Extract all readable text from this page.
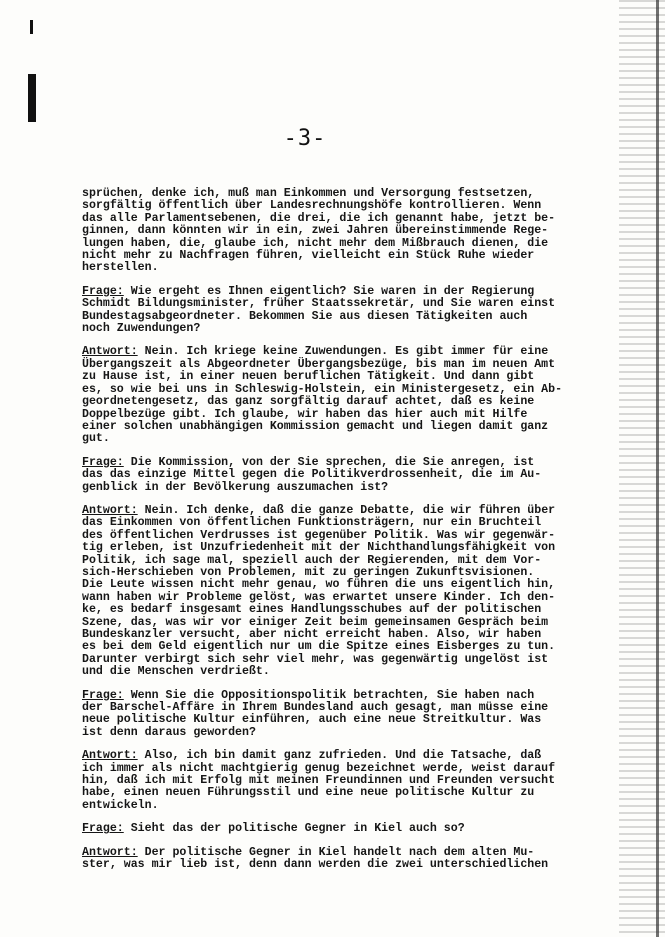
-3-
sprüchen, denke ich, muß man Einkommen und Versorgung festsetzen,
sorgfältig öffentlich über Landesrechnungshöfe kontrollieren. Wenn
das alle Parlamentsebenen, die drei, die ich genannt habe, jetzt be-
ginnen, dann könnten wir in ein, zwei Jahren übereinstimmende Rege-
lungen haben, die, glaube ich, nicht mehr dem Mißbrauch dienen, die
nicht mehr zu Nachfragen führen, vielleicht ein Stück Ruhe wieder
herstellen.
Frage: Wie ergeht es Ihnen eigentlich? Sie waren in der Regierung
Schmidt Bildungsminister, früher Staatssekretär, und Sie waren einst
Bundestagsabgeordneter. Bekommen Sie aus diesen Tätigkeiten auch
noch Zuwendungen?
Antwort: Nein. Ich kriege keine Zuwendungen. Es gibt immer für eine
Übergangszeit als Abgeordneter Übergangsbezüge, bis man im neuen Amt
zu Hause ist, in einer neuen beruflichen Tätigkeit. Und dann gibt
es, so wie bei uns in Schleswig-Holstein, ein Ministergesetz, ein Ab-
geordnetengesetz, das ganz sorgfältig darauf achtet, daß es keine
Doppelbezüge gibt. Ich glaube, wir haben das hier auch mit Hilfe
einer solchen unabhängigen Kommission gemacht und liegen damit ganz
gut.
Frage: Die Kommission, von der Sie sprechen, die Sie anregen, ist
das das einzige Mittel gegen die Politikverdrossenheit, die im Au-
genblick in der Bevölkerung auszumachen ist?
Antwort: Nein. Ich denke, daß die ganze Debatte, die wir führen über
das Einkommen von öffentlichen Funktionsträgern, nur ein Bruchteil
des öffentlichen Verdrusses ist gegenüber Politik. Was wir gegenwär-
tig erleben, ist Unzufriedenheit mit der Nichthandlungsfähigkeit von
Politik, ich sage mal, speziell auch der Regierenden, mit dem Vor-
sich-Herschieben von Problemen, mit zu geringen Zukunftsvisionen.
Die Leute wissen nicht mehr genau, wo führen die uns eigentlich hin,
wann haben wir Probleme gelöst, was erwartet unsere Kinder. Ich den-
ke, es bedarf insgesamt eines Handlungsschubes auf der politischen
Szene, das, was wir vor einiger Zeit beim gemeinsamen Gespräch beim
Bundeskanzler versucht, aber nicht erreicht haben. Also, wir haben
es bei dem Geld eigentlich nur um die Spitze eines Eisberges zu tun.
Darunter verbirgt sich sehr viel mehr, was gegenwärtig ungelöst ist
und die Menschen verdrießt.
Frage: Wenn Sie die Oppositionspolitik betrachten, Sie haben nach
der Barschel-Affäre in Ihrem Bundesland auch gesagt, man müsse eine
neue politische Kultur einführen, auch eine neue Streitkultur. Was
ist denn daraus geworden?
Antwort: Also, ich bin damit ganz zufrieden. Und die Tatsache, daß
ich immer als nicht machtgierig genug bezeichnet werde, weist darauf
hin, daß ich mit Erfolg mit meinen Freundinnen und Freunden versucht
habe, einen neuen Führungsstil und eine neue politische Kultur zu
entwickeln.
Frage: Sieht das der politische Gegner in Kiel auch so?
Antwort: Der politische Gegner in Kiel handelt nach dem alten Mu-
ster, was mir lieb ist, denn dann werden die zwei unterschiedlichen
